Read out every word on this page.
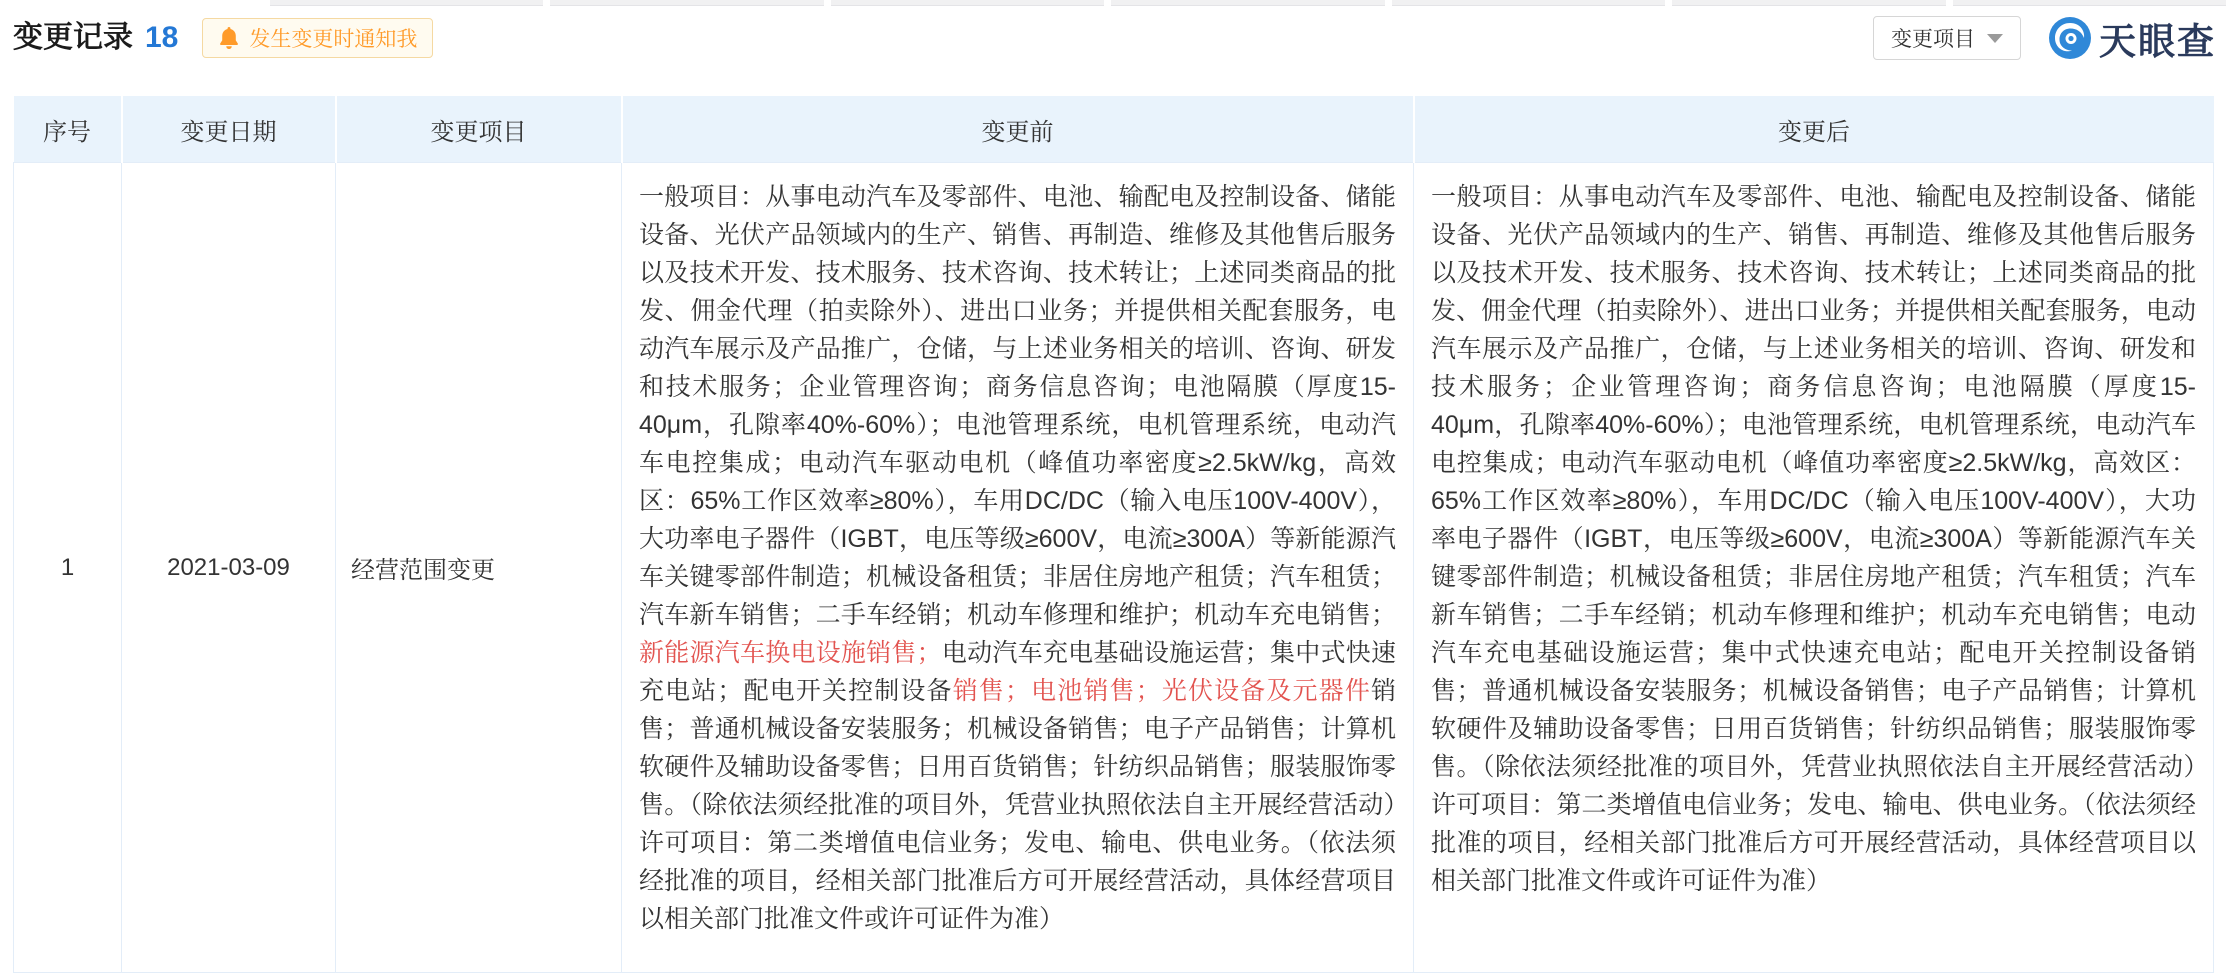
变更记录 18	发生变更时通知我	变更项目	天眼查
序号	变更日期	变更项目	变更前	变更后
1	2021-03-09	经营范围变更	一般项目：从事电动汽车及零部件、电池、输配电及控制设备、储能设备、光伏产品领域内的生产、销售、再制造、维修及其他售后服务以及技术开发、技术服务、技术咨询、技术转让；上述同类商品的批发、佣金代理（拍卖除外）、进出口业务；并提供相关配套服务，电动汽车展示及产品推广，仓储，与上述业务相关的培训、咨询、研发和技术服务；企业管理咨询；商务信息咨询；电池隔膜（厚度15-40μm，孔隙率40%-60%）；电池管理系统，电机管理系统，电动汽车电控集成；电动汽车驱动电机（峰值功率密度≥2.5kW/kg，高效区：65%工作区效率≥80%），车用DC/DC（输入电压100V-400V），大功率电子器件（IGBT，电压等级≥600V，电流≥300A）等新能源汽车关键零部件制造；机械设备租赁；非居住房地产租赁；汽车租赁；汽车新车销售；二手车经销；机动车修理和维护；机动车充电销售；新能源汽车换电设施销售；电动汽车充电基础设施运营；集中式快速充电站；配电开关控制设备销售；电池销售；光伏设备及元器件销售；普通机械设备安装服务；机械设备销售；电子产品销售；计算机软硬件及辅助设备零售；日用百货销售；针纺织品销售；服装服饰零售。（除依法须经批准的项目外，凭营业执照依法自主开展经营活动）许可项目：第二类增值电信业务；发电、输电、供电业务。（依法须经批准的项目，经相关部门批准后方可开展经营活动，具体经营项目以相关部门批准文件或许可证件为准）	一般项目：从事电动汽车及零部件、电池、输配电及控制设备、储能设备、光伏产品领域内的生产、销售、再制造、维修及其他售后服务以及技术开发、技术服务、技术咨询、技术转让；上述同类商品的批发、佣金代理（拍卖除外）、进出口业务；并提供相关配套服务，电动汽车展示及产品推广，仓储，与上述业务相关的培训、咨询、研发和技术服务；企业管理咨询；商务信息咨询；电池隔膜（厚度15-40μm，孔隙率40%-60%）；电池管理系统，电机管理系统，电动汽车电控集成；电动汽车驱动电机（峰值功率密度≥2.5kW/kg，高效区：65%工作区效率≥80%），车用DC/DC（输入电压100V-400V），大功率电子器件（IGBT，电压等级≥600V，电流≥300A）等新能源汽车关键零部件制造；机械设备租赁；非居住房地产租赁；汽车租赁；汽车新车销售；二手车经销；机动车修理和维护；机动车充电销售；电动汽车充电基础设施运营；集中式快速充电站；配电开关控制设备销售；普通机械设备安装服务；机械设备销售；电子产品销售；计算机软硬件及辅助设备零售；日用百货销售；针纺织品销售；服装服饰零售。（除依法须经批准的项目外，凭营业执照依法自主开展经营活动）　许可项目：第二类增值电信业务；发电、输电、供电业务。（依法须经批准的项目，经相关部门批准后方可开展经营活动，具体经营项目以相关部门批准文件或许可证件为准）
